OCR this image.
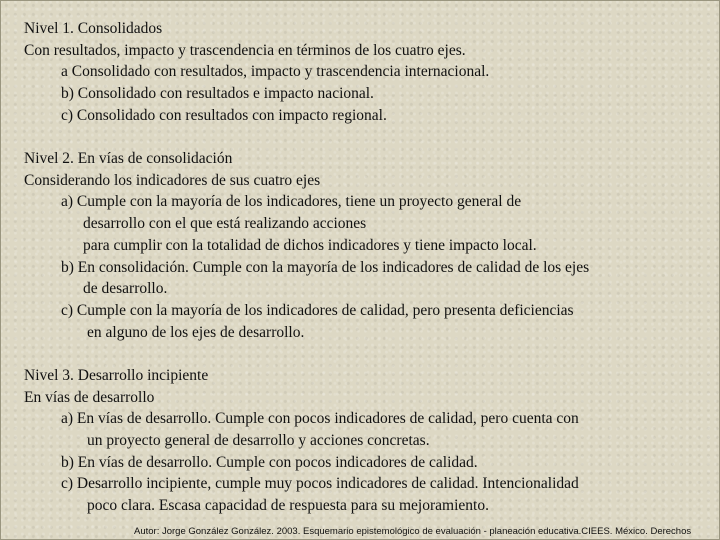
Nivel 1. Consolidados
Con resultados, impacto y trascendencia en términos de los cuatro ejes.
a Consolidado con resultados, impacto y trascendencia internacional.
b) Consolidado con resultados e impacto nacional.
c) Consolidado con resultados con impacto regional.
Nivel 2. En vías de consolidación
Considerando los indicadores de sus cuatro ejes
a) Cumple con la mayoría de los indicadores, tiene un proyecto general de
desarrollo con el que está realizando acciones
para cumplir con la totalidad de dichos indicadores y tiene impacto local.
b) En consolidación. Cumple con la mayoría de los indicadores de calidad de los ejes
de desarrollo.
c) Cumple con la mayoría de los indicadores de calidad, pero presenta deficiencias
en alguno de los ejes de desarrollo.
Nivel 3. Desarrollo incipiente
En vías de desarrollo
a) En vías de desarrollo. Cumple con pocos indicadores de calidad, pero cuenta con
un proyecto general de desarrollo y acciones concretas.
b) En vías de desarrollo. Cumple con pocos indicadores de calidad.
c) Desarrollo incipiente, cumple muy pocos indicadores de calidad. Intencionalidad
poco clara. Escasa capacidad de respuesta para su mejoramiento.
Autor: Jorge González González. 2003. Esquemario epistemológico de evaluación - planeación educativa.CIEES. México. Derechos
